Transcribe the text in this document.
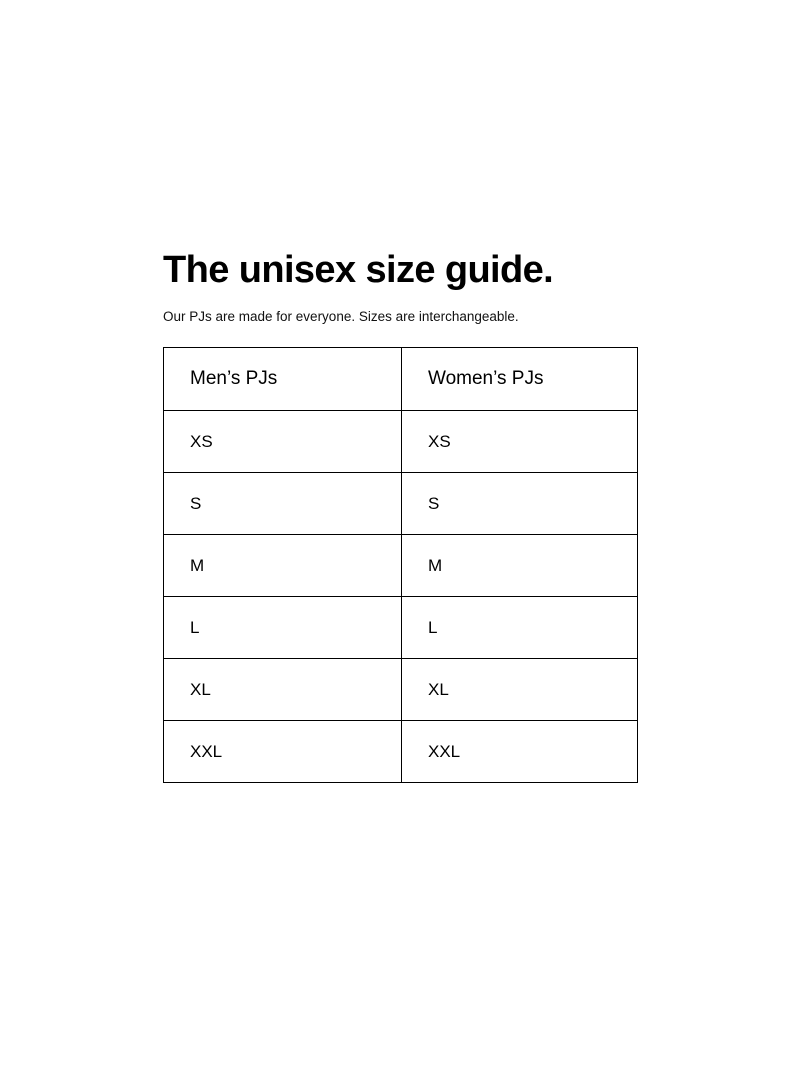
The unisex size guide.

Our PJs are made for everyone. Sizes are interchangeable.

Men’s PJs	Women’s PJs
XS	XS
S	S
M	M
L	L
XL	XL
XXL	XXL
